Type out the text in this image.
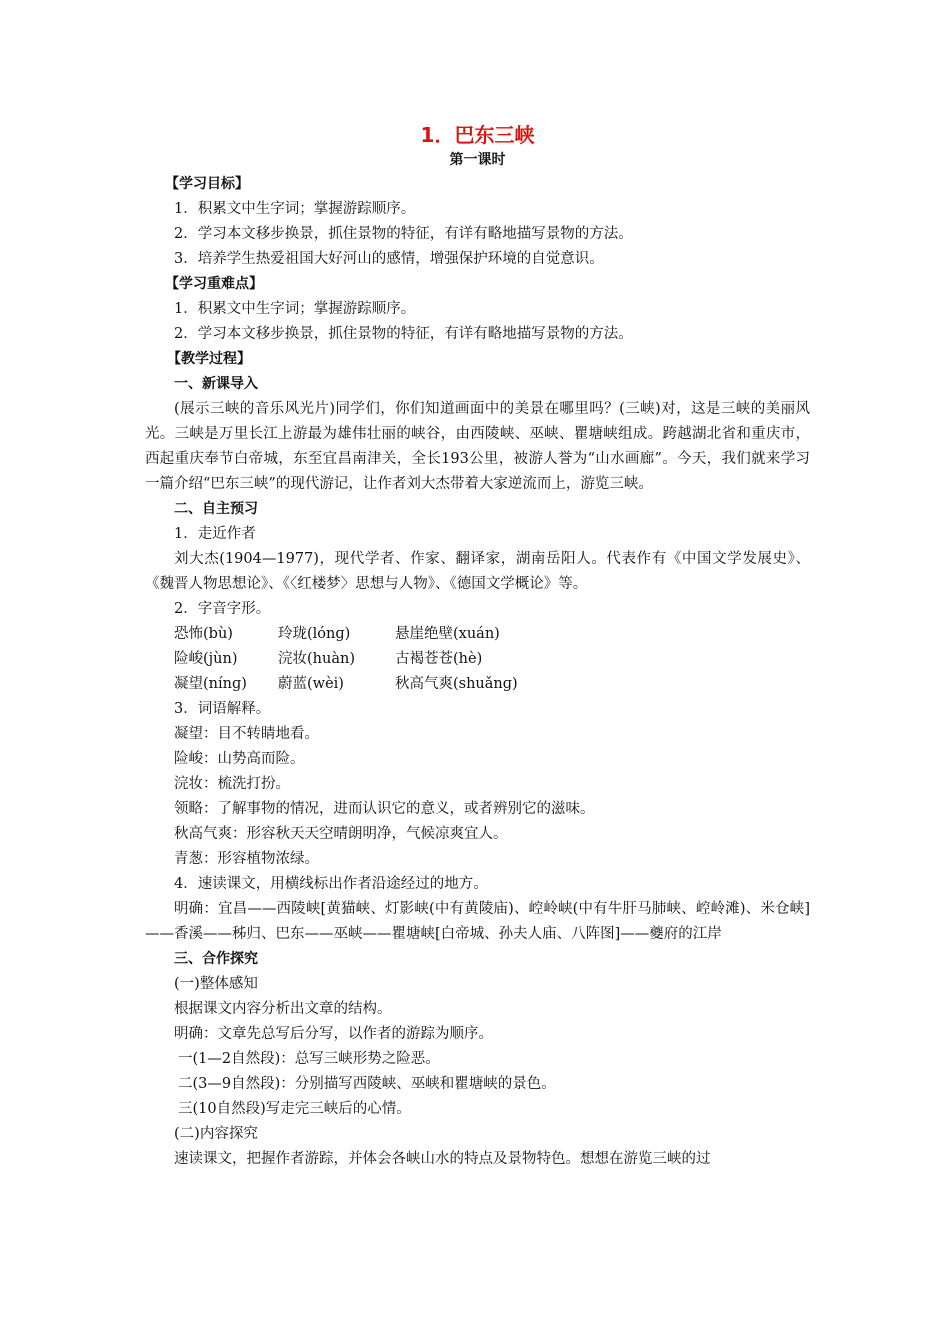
1．巴东三峡
第一课时
【学习目标】
1．积累文中生字词；掌握游踪顺序。
2．学习本文移步换景，抓住景物的特征，有详有略地描写景物的方法。
3．培养学生热爱祖国大好河山的感情，增强保护环境的自觉意识。
【学习重难点】
1．积累文中生字词；掌握游踪顺序。
2．学习本文移步换景，抓住景物的特征，有详有略地描写景物的方法。
【教学过程】
一、新课导入

(展示三峡的音乐风光片)同学们，你们知道画面中的美景在哪里吗？(三峡)对，这是三峡的美丽风光。三峡是万里长江上游最为雄伟壮丽的峡谷，由西陵峡、巫峡、瞿塘峡组成。跨越湖北省和重庆市，西起重庆奉节白帝城，东至宜昌南津关，全长193公里，被游人誉为“山水画廊”。今天，我们就来学习一篇介绍“巴东三峡”的现代游记，让作者刘大杰带着大家逆流而上，游览三峡。

二、自主预习
1．走近作者

刘大杰(1904—1977)，现代学者、作家、翻译家，湖南岳阳人。代表作有《中国文学发展史》、《魏晋人物思想论》、《〈红楼梦〉思想与人物》、《德国文学概论》等。

2．字音字形。
恐怖(bù)	玲珑(lónɡ)	悬崖绝壁(xuán)
险峻(jùn)	浣妆(huàn)	古褐苍苍(hè)
凝望(nínɡ)	蔚蓝(wèi)	秋高气爽(shuǎnɡ)
3．词语解释。
凝望：目不转睛地看。
险峻：山势高而险。
浣妆：梳洗打扮。
领略：了解事物的情况，进而认识它的意义，或者辨别它的滋味。
秋高气爽：形容秋天天空晴朗明净，气候凉爽宜人。
青葱：形容植物浓绿。
4．速读课文，用横线标出作者沿途经过的地方。

明确：宜昌——西陵峡[黄猫峡、灯影峡(中有黄陵庙)、崆岭峡(中有牛肝马肺峡、崆岭滩)、米仓峡]——香溪——秭归、巴东——巫峡——瞿塘峡[白帝城、孙夫人庙、八阵图]——夔府的江岸

三、合作探究
(一)整体感知
根据课文内容分析出文章的结构。
明确：文章先总写后分写，以作者的游踪为顺序。
一(1—2自然段)：总写三峡形势之险恶。
二(3—9自然段)：分别描写西陵峡、巫峡和瞿塘峡的景色。
三(10自然段)写走完三峡后的心情。
(二)内容探究
速读课文，把握作者游踪，并体会各峡山水的特点及景物特色。想想在游览三峡的过
